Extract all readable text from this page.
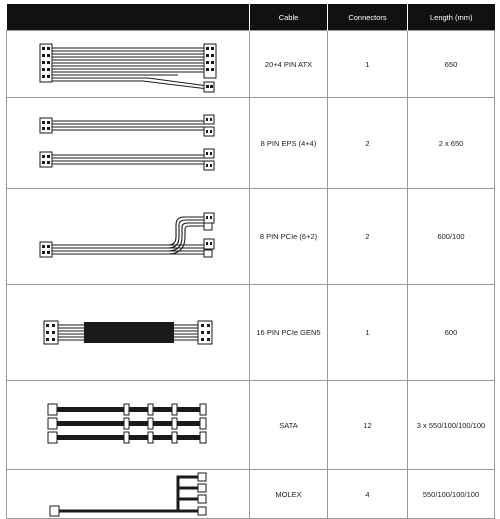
	Cable	Connectors	Length (mm)

	20+4 PIN ATX	1	650

	8 PIN EPS (4+4)	2	2 x 650

	8 PIN PCIe (6+2)	2	600/100

	16 PIN PCIe GEN5	1	600

	SATA	12	3 x 550/100/100/100

	MOLEX	4	550/100/100/100
